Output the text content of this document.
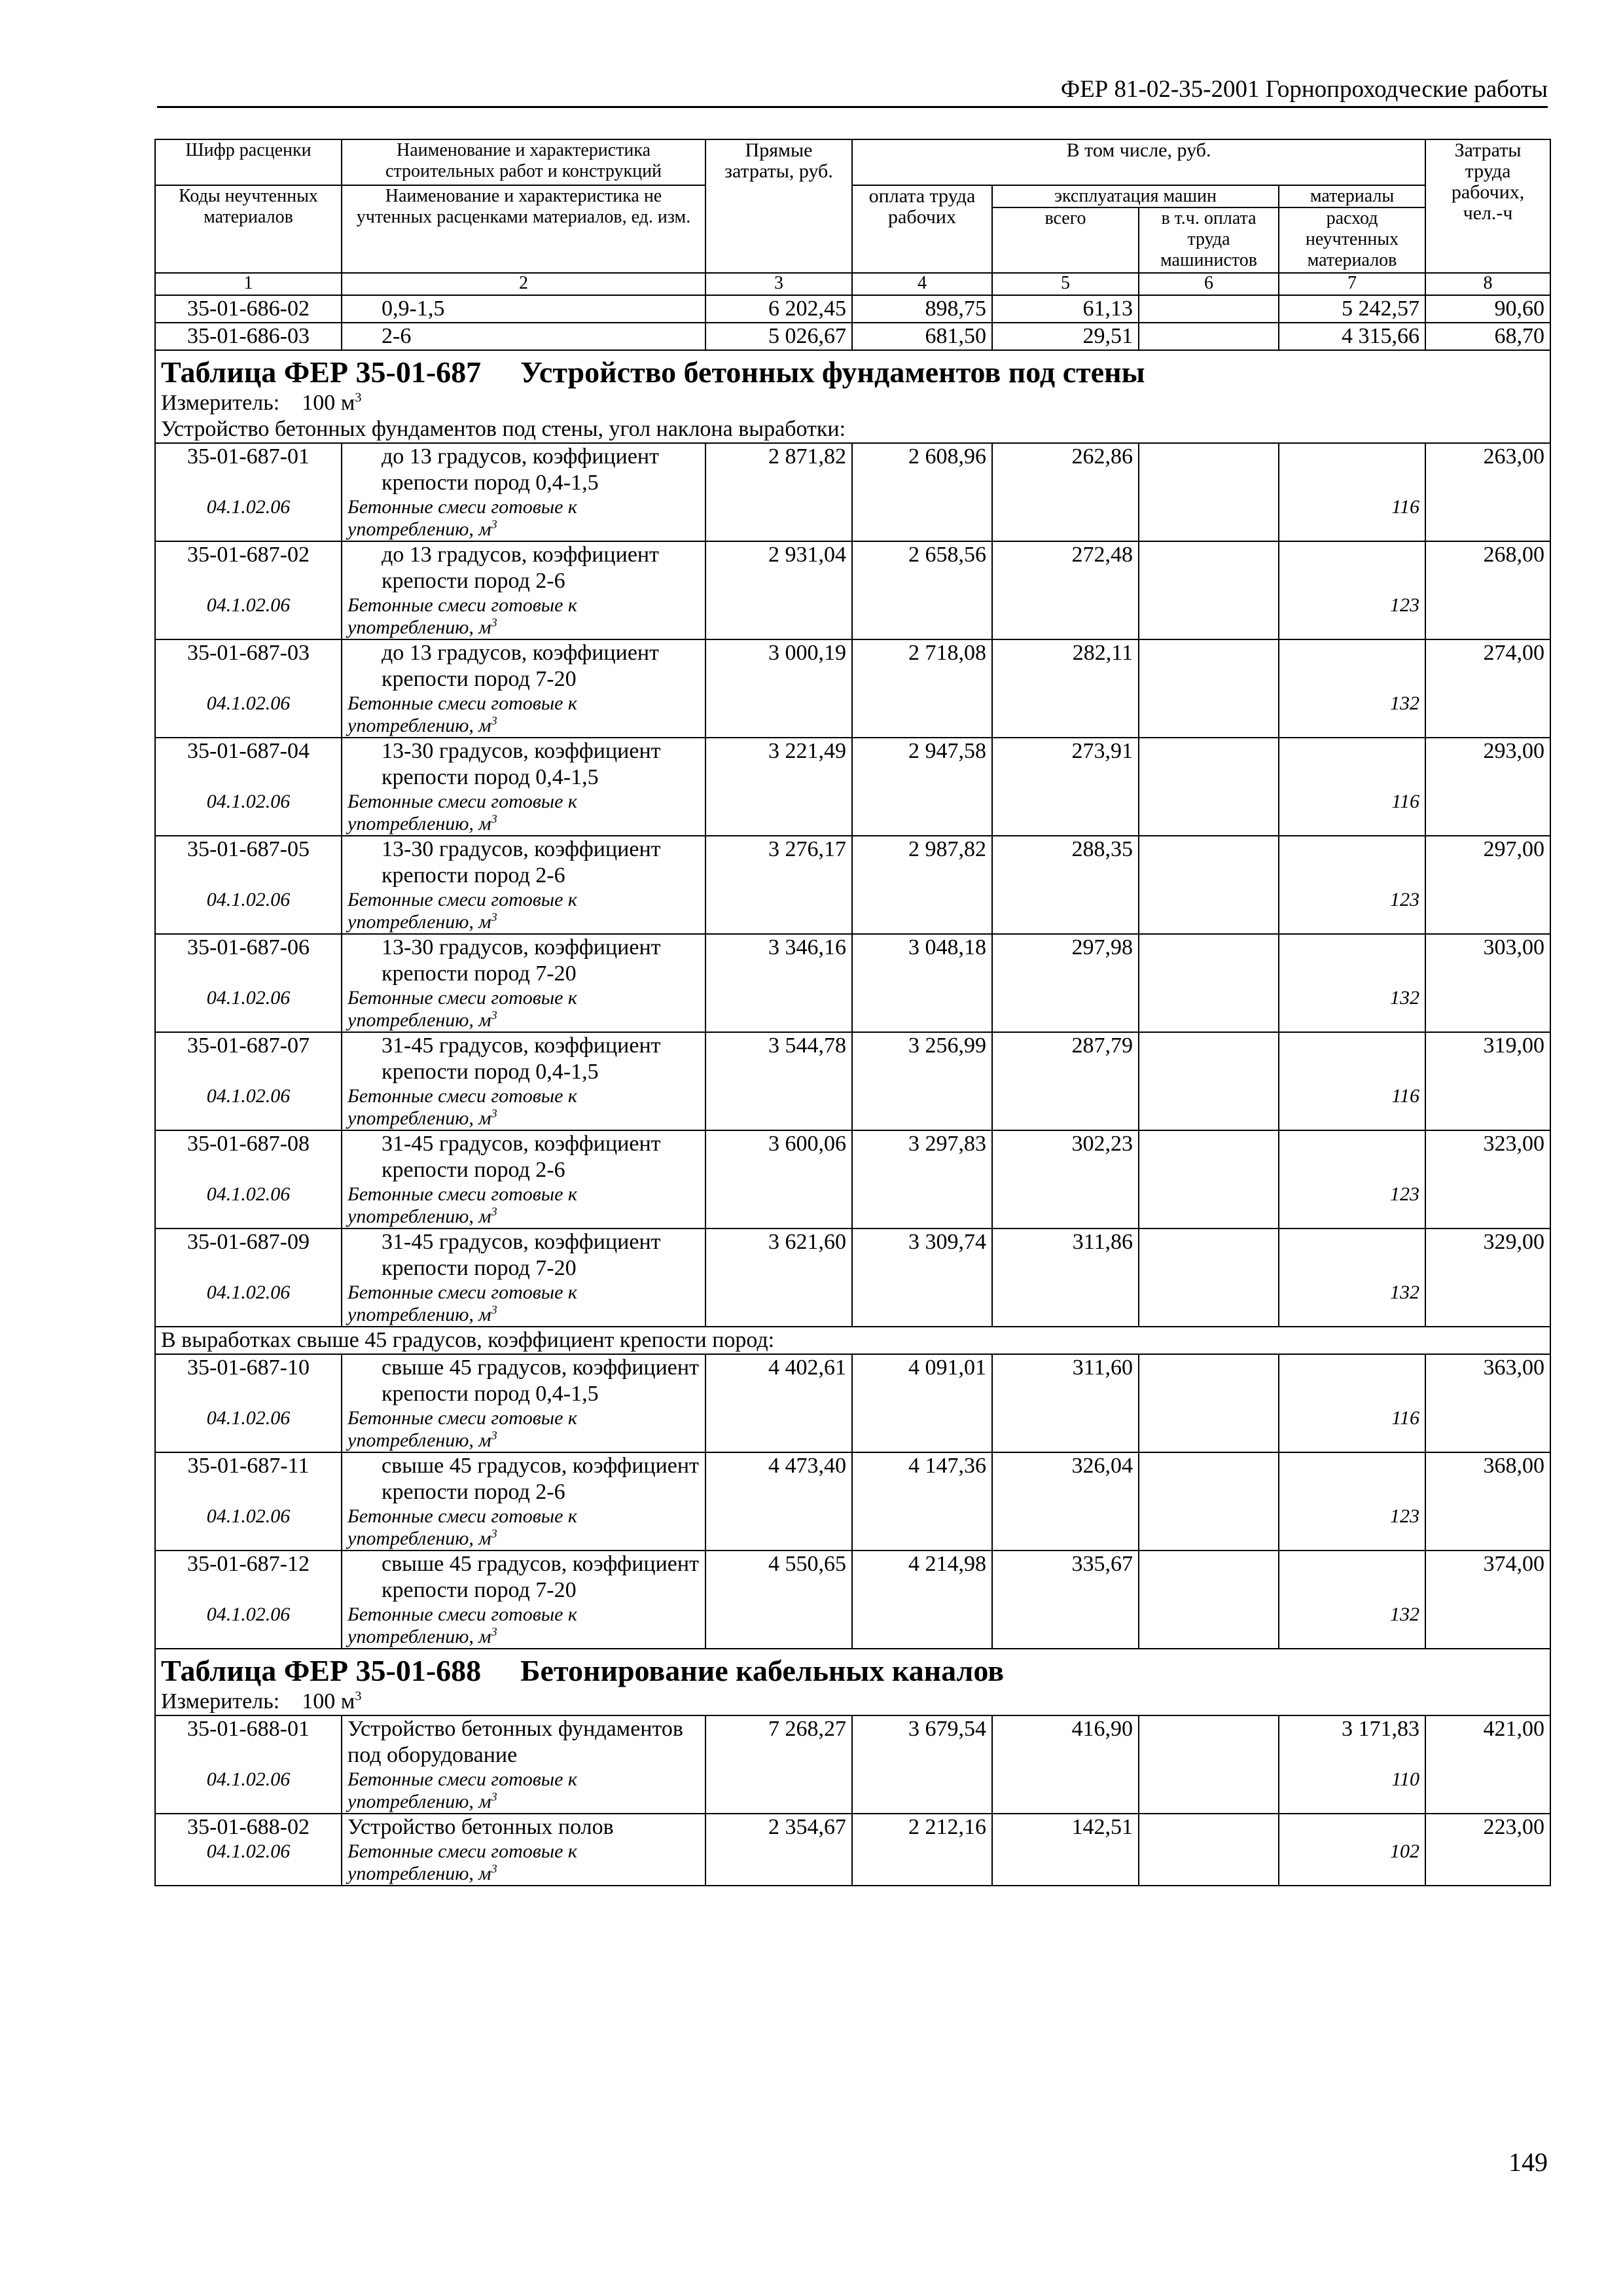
ФЕР 81-02-35-2001 Горнопроходческие работы
Шифр расценки	Наименование и характеристика строительных работ и конструкций	Прямые затраты, руб.	В том числе, руб.				Затраты труда рабочих, чел.-ч
Коды неучтенных материалов	Наименование и характеристика не учтенных расценками материалов, ед. изм.		оплата труда рабочих	эксплуатация машин		материалы	
				всего	в т.ч. оплата труда машинистов	расход неучтенных материалов	

1	2	3	4	5	6	7	8
35-01-686-02	0,9-1,5	6 202,45	898,75	61,13		5 242,57	90,60
35-01-686-03	2-6	5 026,67	681,50	29,51		4 315,66	68,70
Таблица ФЕР 35-01-687 Устройство бетонных фундаментов под стены							
Измеритель: 100 $м^3$
Устройство бетонных фундаментов под стены, угол наклона выработки:							
35-01-687-01	до 13 градусов, коэффициент крепости пород 0,4-1,5	2 871,82	2 608,96	262,86			263,00
04.1.02.06	Бетонные смеси готовые к употреблению, $м^3$					116	
35-01-687-02	до 13 градусов, коэффициент крепости пород 2-6	2 931,04	2 658,56	272,48			268,00
04.1.02.06	Бетонные смеси готовые к употреблению, $м^3$					123	
35-01-687-03	до 13 градусов, коэффициент крепости пород 7-20	3 000,19	2 718,08	282,11			274,00
04.1.02.06	Бетонные смеси готовые к употреблению, $м^3$					132	
35-01-687-04	13-30 градусов, коэффициент крепости пород 0,4-1,5	3 221,49	2 947,58	273,91			293,00
04.1.02.06	Бетонные смеси готовые к употреблению, $м^3$					116	
35-01-687-05	13-30 градусов, коэффициент крепости пород 2-6	3 276,17	2 987,82	288,35			297,00
04.1.02.06	Бетонные смеси готовые к употреблению, $м^3$					123	
35-01-687-06	13-30 градусов, коэффициент крепости пород 7-20	3 346,16	3 048,18	297,98			303,00
04.1.02.06	Бетонные смеси готовые к употреблению, $м^3$					132	
35-01-687-07	31-45 градусов, коэффициент крепости пород 0,4-1,5	3 544,78	3 256,99	287,79			319,00
04.1.02.06	Бетонные смеси готовые к употреблению, $м^3$					116	
35-01-687-08	31-45 градусов, коэффициент крепости пород 2-6	3 600,06	3 297,83	302,23			323,00
04.1.02.06	Бетонные смеси готовые к употреблению, $м^3$					123	
35-01-687-09	31-45 градусов, коэффициент крепости пород 7-20	3 621,60	3 309,74	311,86			329,00
04.1.02.06	Бетонные смеси готовые к употреблению, $м^3$					132	
В выработках свыше 45 градусов, коэффициент крепости пород:							
35-01-687-10	свыше 45 градусов, коэффициент крепости пород 0,4-1,5	4 402,61	4 091,01	311,60			363,00
04.1.02.06	Бетонные смеси готовые к употреблению, $м^3$					116	
35-01-687-11	свыше 45 градусов, коэффициент крепости пород 2-6	4 473,40	4 147,36	326,04			368,00
04.1.02.06	Бетонные смеси готовые к употреблению, $м^3$					123	
35-01-687-12	свыше 45 градусов, коэффициент крепости пород 7-20	4 550,65	4 214,98	335,67			374,00
04.1.02.06	Бетонные смеси готовые к употреблению, $м^3$					132	
Таблица ФЕР 35-01-688 Бетонирование кабельных каналов							
Измеритель: 100 $м^3$
35-01-688-01	Устройство бетонных фундаментов под оборудование	7 268,27	3 679,54	416,90		3 171,83	421,00
04.1.02.06	Бетонные смеси готовые к употреблению, $м^3$					110	
35-01-688-02	Устройство бетонных полов	2 354,67	2 212,16	142,51			223,00
04.1.02.06	Бетонные смеси готовые к употреблению, $м^3$					102	
149
